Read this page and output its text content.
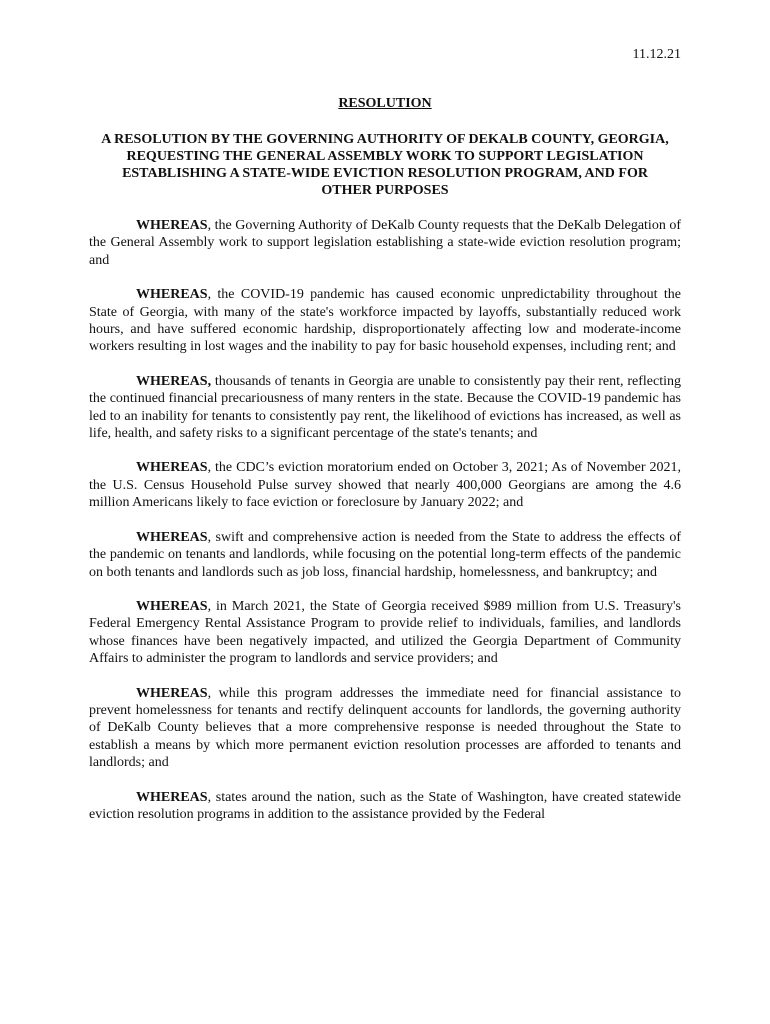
11.12.21
RESOLUTION
A RESOLUTION BY THE GOVERNING AUTHORITY OF DEKALB COUNTY, GEORGIA, REQUESTING THE GENERAL ASSEMBLY WORK TO SUPPORT LEGISLATION ESTABLISHING A STATE-WIDE EVICTION RESOLUTION PROGRAM, AND FOR OTHER PURPOSES

WHEREAS, the Governing Authority of DeKalb County requests that the DeKalb Delegation of the General Assembly work to support legislation establishing a state-wide eviction resolution program; and

WHEREAS, the COVID-19 pandemic has caused economic unpredictability throughout the State of Georgia, with many of the state's workforce impacted by layoffs, substantially reduced work hours, and have suffered economic hardship, disproportionately affecting low and moderate-income workers resulting in lost wages and the inability to pay for basic household expenses, including rent; and

WHEREAS, thousands of tenants in Georgia are unable to consistently pay their rent, reflecting the continued financial precariousness of many renters in the state. Because the COVID-19 pandemic has led to an inability for tenants to consistently pay rent, the likelihood of evictions has increased, as well as life, health, and safety risks to a significant percentage of the state's tenants; and

WHEREAS, the CDC’s eviction moratorium ended on October 3, 2021; As of November 2021, the U.S. Census Household Pulse survey showed that nearly 400,000 Georgians are among the 4.6 million Americans likely to face eviction or foreclosure by January 2022; and

WHEREAS, swift and comprehensive action is needed from the State to address the effects of the pandemic on tenants and landlords, while focusing on the potential long-term effects of the pandemic on both tenants and landlords such as job loss, financial hardship, homelessness, and bankruptcy; and

WHEREAS, in March 2021, the State of Georgia received $989 million from U.S. Treasury's Federal Emergency Rental Assistance Program to provide relief to individuals, families, and landlords whose finances have been negatively impacted, and utilized the Georgia Department of Community Affairs to administer the program to landlords and service providers; and

WHEREAS, while this program addresses the immediate need for financial assistance to prevent homelessness for tenants and rectify delinquent accounts for landlords, the governing authority of DeKalb County believes that a more comprehensive response is needed throughout the State to establish a means by which more permanent eviction resolution processes are afforded to tenants and landlords; and

WHEREAS, states around the nation, such as the State of Washington, have created statewide eviction resolution programs in addition to the assistance provided by the Federal
